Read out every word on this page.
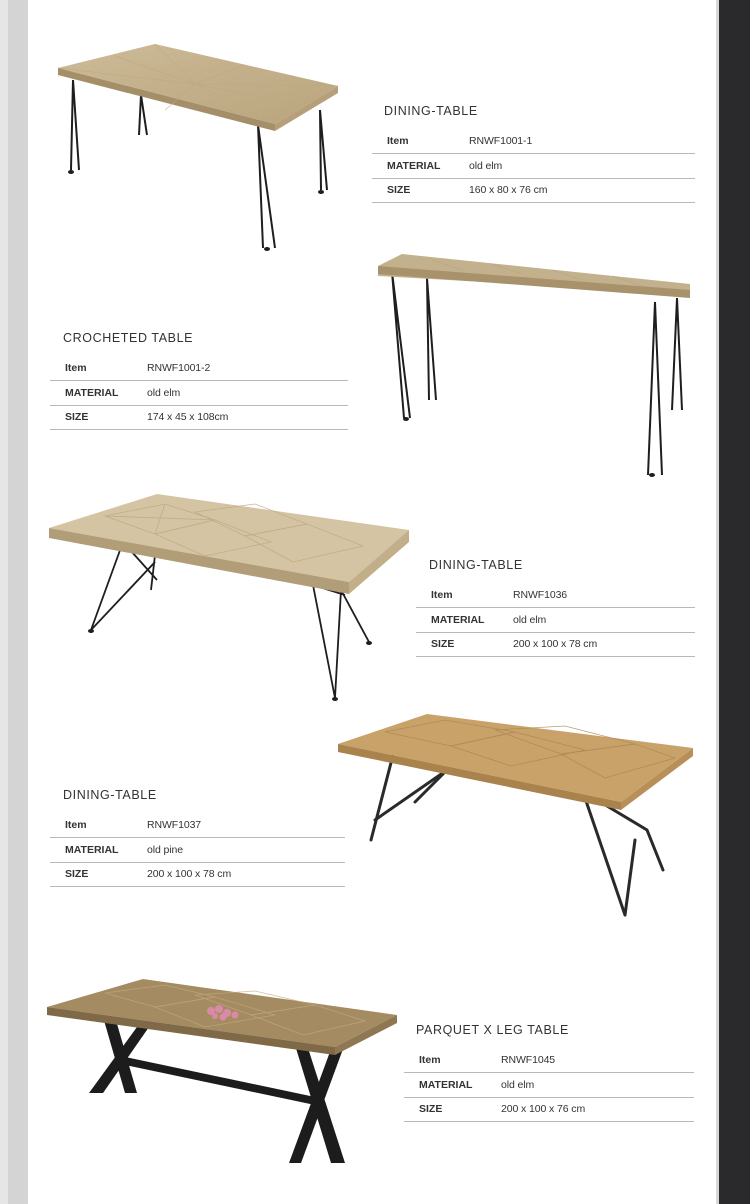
DINING-TABLE
Item	RNWF1001-1
MATERIAL	old elm
SIZE	160 x 80 x 76 cm
CROCHETED TABLE
Item	RNWF1001-2
MATERIAL	old elm
SIZE	174 x 45 x 108cm
DINING-TABLE
Item	RNWF1036
MATERIAL	old elm
SIZE	200 x 100 x 78 cm
DINING-TABLE
Item	RNWF1037
MATERIAL	old pine
SIZE	200 x 100 x 78 cm
PARQUET X LEG TABLE
Item	RNWF1045
MATERIAL	old elm
SIZE	200 x 100 x 76 cm
